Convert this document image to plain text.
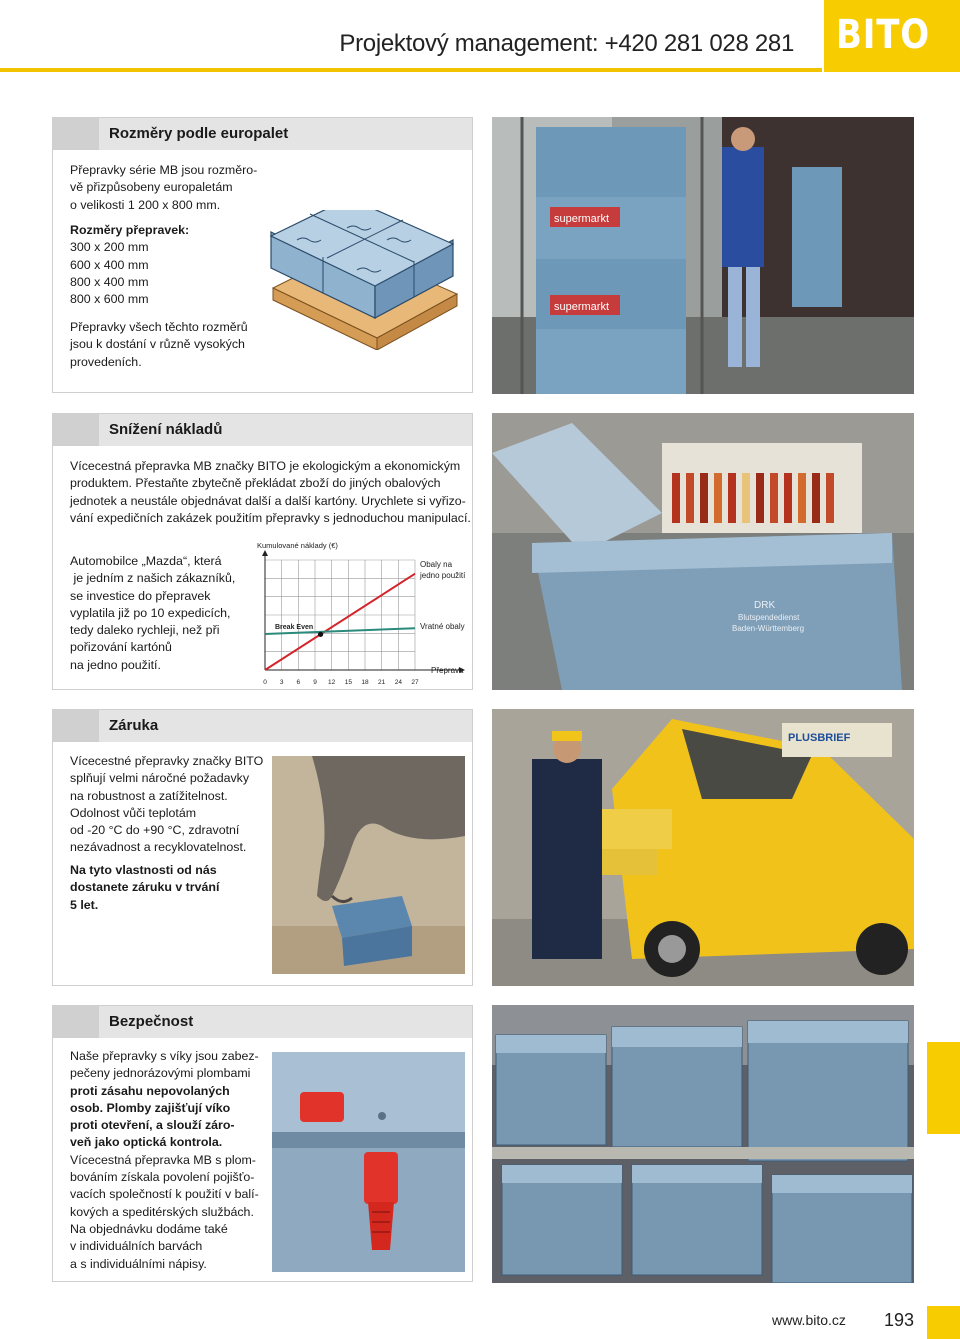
Projektový management: +420 281 028 281 BITO
Rozměry podle europalet
Přepravky série MB jsou rozměro-
vě přizpůsobeny europaletám
o velikosti 1 200 x 800 mm.
Rozměry přepravek:
300 x 200 mm
600 x 400 mm
800 x 400 mm
800 x 600 mm
Přepravky všech těchto rozměrů
jsou k dostání v různě vysokých
provedeních.
supermarkt
supermarkt
Snížení nákladů
Vícecestná přepravka MB značky BITO je ekologickým a ekonomickým
produktem. Přestaňte zbytečně překládat zboží do jiných obalových
jednotek a neustále objednávat další a další kartóny. Urychlete si vyřizo-
vání expedičních zakázek použitím přepravky s jednoduchou manipulací.
Automobilce „Mazda“, která
je jedním z našich zákazníků,
se investice do přepravek
vyplatila již po 10 expedicích,
tedy daleko rychleji, než při
pořizování kartónů
na jedno použití.
Kumulované náklady (€)
0 3 6 9 12 15 18 21 24 27
Break Even
Obaly na
jedno použití
Vratné obaly
Přeprava
DRK
Blutspendedienst
Baden-Württemberg
Záruka
Vícecestné přepravky značky BITO
splňují velmi náročné požadavky
na robustnost a zatížitelnost.
Odolnost vůči teplotám
od -20 °C do +90 °C, zdravotní
nezávadnost a recyklovatelnost.
Na tyto vlastnosti od nás
dostanete záruku v trvání
5 let.
PLUSBRIEF
Bezpečnost
Naše přepravky s víky jsou zabez-
pečeny jednorázovými plombami
proti zásahu nepovolaných
osob. Plomby zajišťují víko
proti otevření, a slouží záro-
veň jako optická kontrola.
Vícecestná přepravka MB s plom-
bováním získala povolení pojišťo-
vacích společností k použití v balí-
kových a speditérských službách.
Na objednávku dodáme také
v individuálních barvách
a s individuálními nápisy.
www.bito.cz 193
